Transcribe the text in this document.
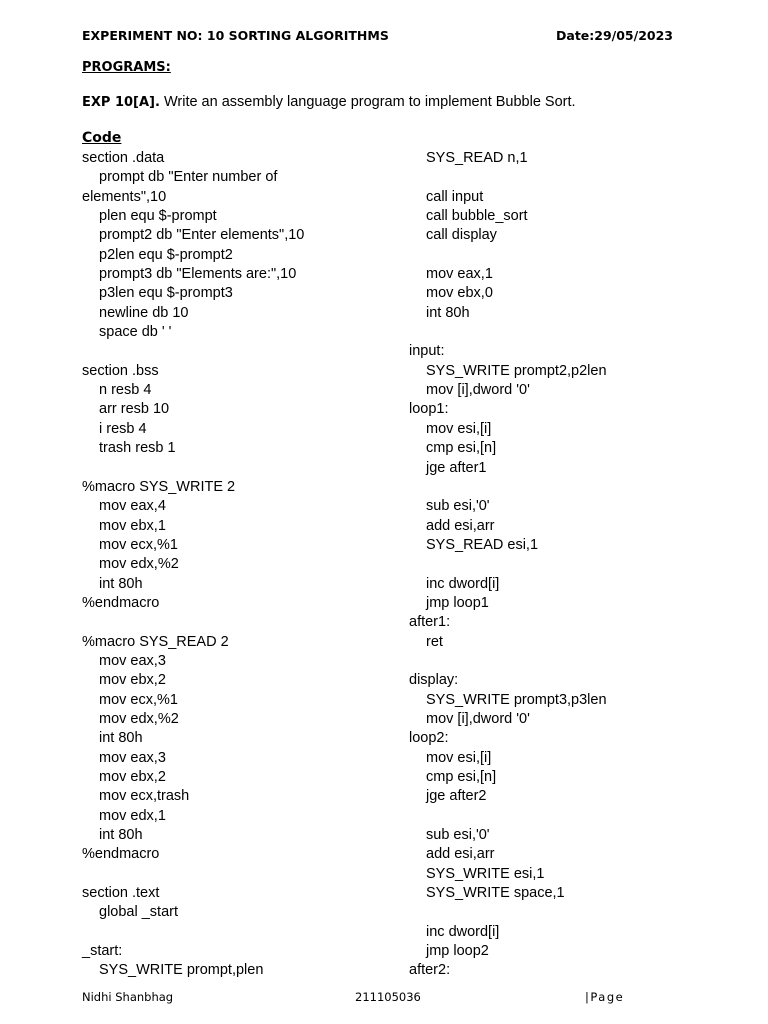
EXPERIMENT NO: 10 SORTING ALGORITHMS	Date:29/05/2023
PROGRAMS:
EXP 10[A]. Write an assembly language program to implement Bubble Sort.
Code
section .data
prompt db "Enter number of
elements",10
plen equ $-prompt
prompt2 db "Enter elements",10
p2len equ $-prompt2
prompt3 db "Elements are:",10
p3len equ $-prompt3
newline db 10
space db ' '
section .bss
n resb 4
arr resb 10
i resb 4
trash resb 1
%macro SYS_WRITE 2
mov eax,4
mov ebx,1
mov ecx,%1
mov edx,%2
int 80h
%endmacro
%macro SYS_READ 2
mov eax,3
mov ebx,2
mov ecx,%1
mov edx,%2
int 80h
mov eax,3
mov ebx,2
mov ecx,trash
mov edx,1
int 80h
%endmacro
section .text
global _start
_start:
SYS_WRITE prompt,plen
SYS_READ n,1
call input
call bubble_sort
call display
mov eax,1
mov ebx,0
int 80h
input:
SYS_WRITE prompt2,p2len
mov [i],dword '0'
loop1:
mov esi,[i]
cmp esi,[n]
jge after1
sub esi,'0'
add esi,arr
SYS_READ esi,1
inc dword[i]
jmp loop1
after1:
ret
display:
SYS_WRITE prompt3,p3len
mov [i],dword '0'
loop2:
mov esi,[i]
cmp esi,[n]
jge after2
sub esi,'0'
add esi,arr
SYS_WRITE esi,1
SYS_WRITE space,1
inc dword[i]
jmp loop2
after2:
Nidhi Shanbhag	211105036	|Page
